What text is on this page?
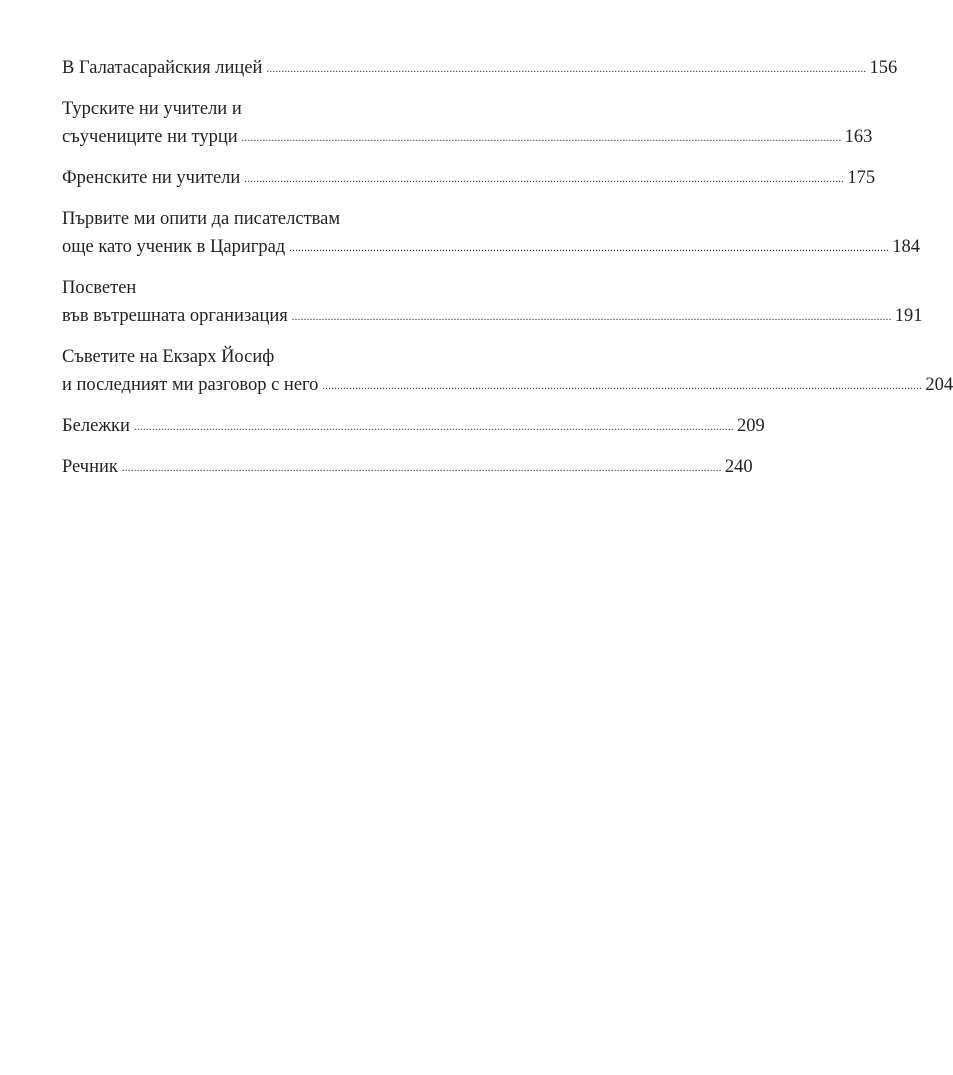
В Галатасарайския лицей ........................................................................................................................................................................................................ 156
Турските ни учители и
съучениците ни турци ........................................................................................................................................................................................................ 163
Френските ни учители ........................................................................................................................................................................................................ 175
Първите ми опити да писателствам
още като ученик в Цариград ........................................................................................................................................................................................................ 184
Посветен
във вътрешната организация ........................................................................................................................................................................................................ 191
Съветите на Екзарх Йосиф
и последният ми разговор с него ........................................................................................................................................................................................................ 204
Бележки ........................................................................................................................................................................................................ 209
Речник ........................................................................................................................................................................................................ 240
